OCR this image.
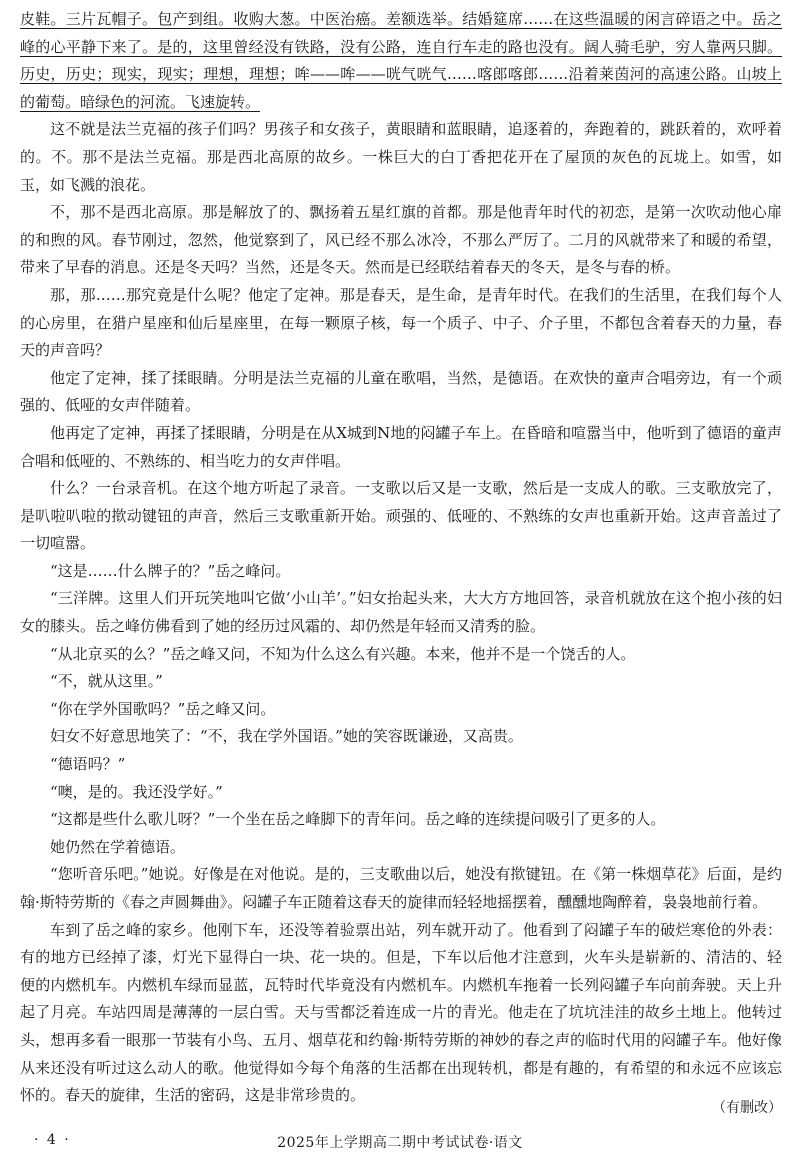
皮鞋。三片瓦帽子。包产到组。收购大葱。中医治癌。差额选举。结婚筵席……在这些温暖的闲言碎语之中。岳之峰的心平静下来了。是的，这里曾经没有铁路，没有公路，连自行车走的路也没有。阔人骑毛驴，穷人靠两只脚。历史，历史；现实，现实；理想，理想；哞——哞——咣气咣气……喀郎喀郎……沿着莱茵河的高速公路。山坡上的葡萄。暗绿色的河流。飞速旋转。

这不就是法兰克福的孩子们吗？男孩子和女孩子，黄眼睛和蓝眼睛，追逐着的，奔跑着的，跳跃着的，欢呼着的。不。那不是法兰克福。那是西北高原的故乡。一株巨大的白丁香把花开在了屋顶的灰色的瓦垅上。如雪，如玉，如飞溅的浪花。

不，那不是西北高原。那是解放了的、飘扬着五星红旗的首都。那是他青年时代的初恋，是第一次吹动他心扉的和煦的风。春节刚过，忽然，他觉察到了，风已经不那么冰冷，不那么严厉了。二月的风就带来了和暖的希望，带来了早春的消息。还是冬天吗？当然，还是冬天。然而是已经联结着春天的冬天，是冬与春的桥。

那，那……那究竟是什么呢？他定了定神。那是春天，是生命，是青年时代。在我们的生活里，在我们每个人的心房里，在猎户星座和仙后星座里，在每一颗原子核，每一个质子、中子、介子里，不都包含着春天的力量，春天的声音吗？

他定了定神，揉了揉眼睛。分明是法兰克福的儿童在歌唱，当然，是德语。在欢快的童声合唱旁边，有一个顽强的、低哑的女声伴随着。

他再定了定神，再揉了揉眼睛，分明是在从X城到N地的闷罐子车上。在昏暗和喧嚣当中，他听到了德语的童声合唱和低哑的、不熟练的、相当吃力的女声伴唱。

什么？一台录音机。在这个地方听起了录音。一支歌以后又是一支歌，然后是一支成人的歌。三支歌放完了，是叭啦叭啦的揿动键钮的声音，然后三支歌重新开始。顽强的、低哑的、不熟练的女声也重新开始。这声音盖过了一切喧嚣。

“这是……什么牌子的？”岳之峰问。

“三洋牌。这里人们开玩笑地叫它做‘小山羊’。”妇女抬起头来，大大方方地回答，录音机就放在这个抱小孩的妇女的膝头。岳之峰仿佛看到了她的经历过风霜的、却仍然是年轻而又清秀的脸。

“从北京买的么？”岳之峰又问，不知为什么这么有兴趣。本来，他并不是一个饶舌的人。

“不，就从这里。”

“你在学外国歌吗？”岳之峰又问。

妇女不好意思地笑了：“不，我在学外国语。”她的笑容既谦逊，又高贵。

“德语吗？”

“噢，是的。我还没学好。”

“这都是些什么歌儿呀？”一个坐在岳之峰脚下的青年问。岳之峰的连续提问吸引了更多的人。

她仍然在学着德语。

“您听音乐吧。”她说。好像是在对他说。是的，三支歌曲以后，她没有揿键钮。在《第一株烟草花》后面，是约翰·斯特劳斯的《春之声圆舞曲》。闷罐子车正随着这春天的旋律而轻轻地摇摆着，醺醺地陶醉着，袅袅地前行着。

车到了岳之峰的家乡。他刚下车，还没等着验票出站，列车就开动了。他看到了闷罐子车的破烂寒伧的外表：有的地方已经掉了漆，灯光下显得白一块、花一块的。但是，下车以后他才注意到，火车头是崭新的、清洁的、轻便的内燃机车。内燃机车绿而显蓝，瓦特时代毕竟没有内燃机车。内燃机车拖着一长列闷罐子车向前奔驶。天上升起了月亮。车站四周是薄薄的一层白雪。天与雪都泛着连成一片的青光。他走在了坑坑洼洼的故乡土地上。他转过头，想再多看一眼那一节装有小鸟、五月、烟草花和约翰·斯特劳斯的神妙的春之声的临时代用的闷罐子车。他好像从来还没有听过这么动人的歌。他觉得如今每个角落的生活都在出现转机，都是有趣的，有希望的和永远不应该忘怀的。春天的旋律，生活的密码，这是非常珍贵的。

（有删改）
· 4 ·	2025年上学期高二期中考试试卷·语文
